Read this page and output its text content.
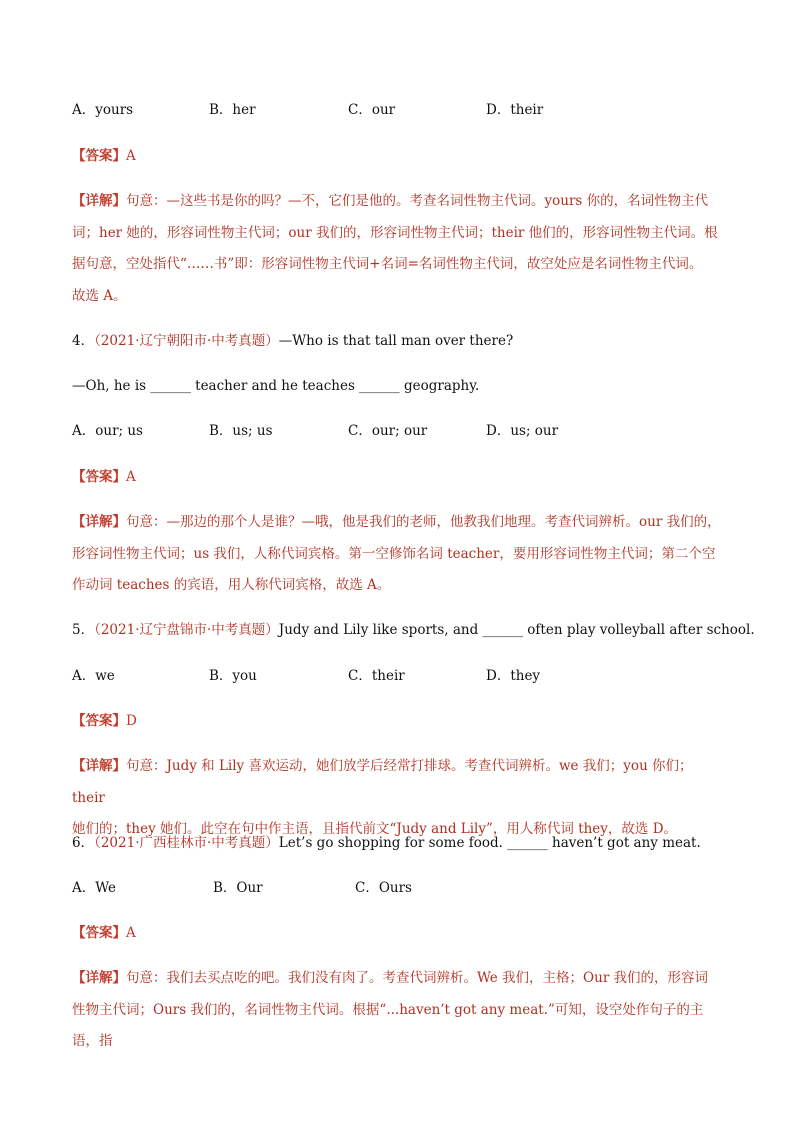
A．yours	B．her	C．our	D．their
【答案】A
【详解】句意：—这些书是你的吗？—不，它们是他的。考查名词性物主代词。yours 你的，名词性物主代
词；her 她的，形容词性物主代词；our 我们的，形容词性物主代词；their 他们的，形容词性物主代词。根
据句意，空处指代“……书”即：形容词性物主代词+名词=名词性物主代词，故空处应是名词性物主代词。
故选 A。
4．（2021·辽宁朝阳市·中考真题）—Who is that tall man over there?
—Oh, he is ______ teacher and he teaches ______ geography.
A．our; us	B．us; us	C．our; our	D．us; our
【答案】A
【详解】句意：—那边的那个人是谁？—哦，他是我们的老师，他教我们地理。考查代词辨析。our 我们的，
形容词性物主代词；us 我们，人称代词宾格。第一空修饰名词 teacher，要用形容词性物主代词；第二个空
作动词 teaches 的宾语，用人称代词宾格，故选 A。
5．（2021·辽宁盘锦市·中考真题）Judy and Lily like sports, and ______ often play volleyball after school.
A．we	B．you	C．their	D．they
【答案】D
【详解】句意：Judy 和 Lily 喜欢运动，她们放学后经常打排球。考查代词辨析。we 我们；you 你们；their
她们的；they 她们。此空在句中作主语，且指代前文“Judy and Lily”，用人称代词 they，故选 D。
6．（2021·广西桂林市·中考真题）Let’s go shopping for some food. ______ haven’t got any meat.
A．We	B．Our	C．Ours
【答案】A
【详解】句意：我们去买点吃的吧。我们没有肉了。考查代词辨析。We 我们，主格；Our 我们的，形容词
性物主代词；Ours 我们的，名词性物主代词。根据“...haven’t got any meat.”可知，设空处作句子的主语，指
